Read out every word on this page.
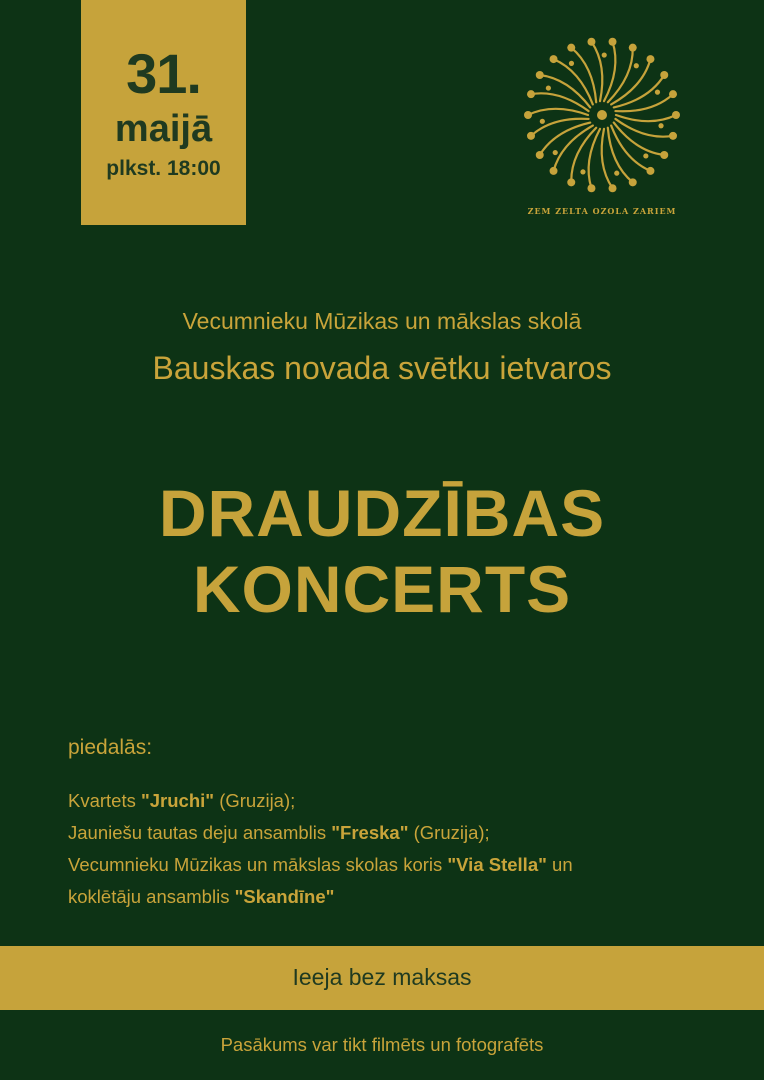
31.
maijā
plkst. 18:00
ZEM ZELTA OZOLA ZARIEM
Vecumnieku Mūzikas un mākslas skolā
Bauskas novada svētku ietvaros
DRAUDZĪBAS
KONCERTS
piedalās:
Kvartets "Jruchi" (Gruzija);
Jauniešu tautas deju ansamblis "Freska" (Gruzija);
Vecumnieku Mūzikas un mākslas skolas koris "Via Stella" un
koklētāju ansamblis "Skandīne"
Ieeja bez maksas
Pasākums var tikt filmēts un fotografēts
